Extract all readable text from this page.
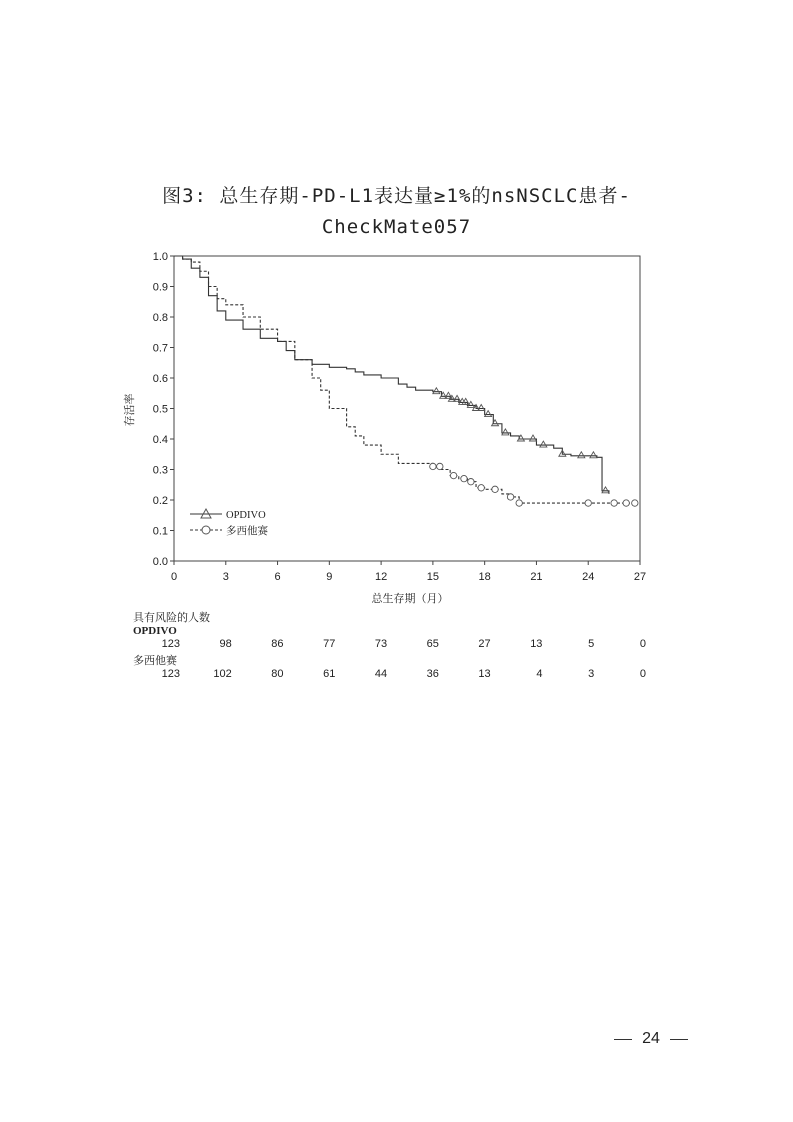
图3: 总生存期-PD-L1表达量≥1%的nsNSCLC患者-
CheckMate057
0.0
0.1
0.2
0.3
0.4
0.5
0.6
0.7
0.8
0.9
1.0
0	3	6	9	12	15	18	21	24	27
存活率
总生存期（月）
OPDIVO
多西他赛
具有风险的人数
OPDIVO
123	98	86	77	73	65	27	13	5	0
多西他赛
123	102	80	61	44	36	13	4	3	0
24
